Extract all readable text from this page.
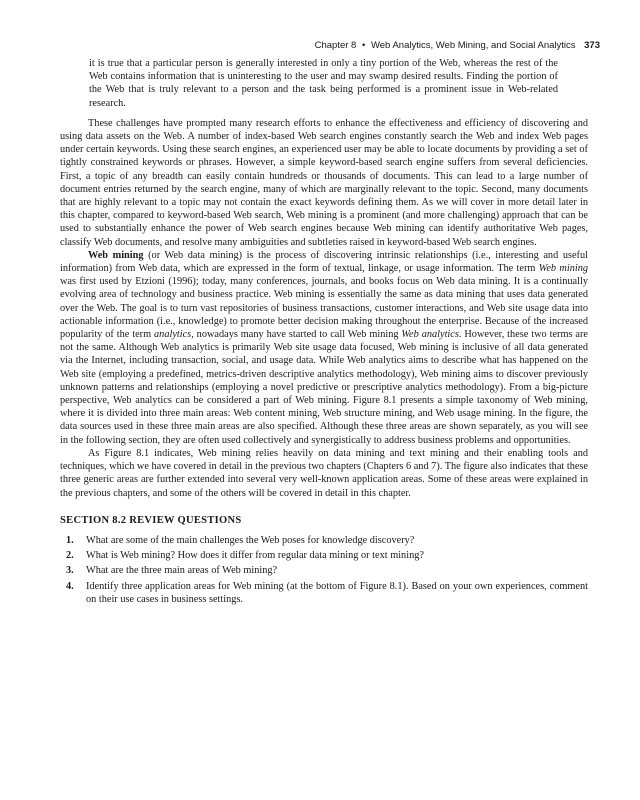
Chapter 8 • Web Analytics, Web Mining, and Social Analytics 373

it is true that a particular person is generally interested in only a tiny portion of the Web, whereas the rest of the Web contains information that is uninteresting to the user and may swamp desired results. Finding the portion of the Web that is truly relevant to a person and the task being performed is a prominent issue in Web-related research.

These challenges have prompted many research efforts to enhance the effectiveness and efficiency of discovering and using data assets on the Web. A number of index-based Web search engines constantly search the Web and index Web pages under certain keywords. Using these search engines, an experienced user may be able to locate documents by providing a set of tightly constrained keywords or phrases. However, a simple keyword-based search engine suffers from several deficiencies. First, a topic of any breadth can easily contain hundreds or thousands of documents. This can lead to a large number of document entries returned by the search engine, many of which are marginally relevant to the topic. Second, many documents that are highly relevant to a topic may not contain the exact keywords defining them. As we will cover in more detail later in this chapter, compared to keyword-based Web search, Web mining is a prominent (and more challenging) approach that can be used to substantially enhance the power of Web search engines because Web mining can identify authoritative Web pages, classify Web documents, and resolve many ambiguities and subtleties raised in keyword-based Web search engines.

Web mining (or Web data mining) is the process of discovering intrinsic relationships (i.e., interesting and useful information) from Web data, which are expressed in the form of textual, linkage, or usage information. The term Web mining was first used by Etzioni (1996); today, many conferences, journals, and books focus on Web data mining. It is a continually evolving area of technology and business practice. Web mining is essentially the same as data mining that uses data generated over the Web. The goal is to turn vast repositories of business transactions, customer interactions, and Web site usage data into actionable information (i.e., knowledge) to promote better decision making throughout the enterprise. Because of the increased popularity of the term analytics, nowadays many have started to call Web mining Web analytics. However, these two terms are not the same. Although Web analytics is primarily Web site usage data focused, Web mining is inclusive of all data generated via the Internet, including transaction, social, and usage data. While Web analytics aims to describe what has happened on the Web site (employing a predefined, metrics-driven descriptive analytics methodology), Web mining aims to discover previously unknown patterns and relationships (employing a novel predictive or prescriptive analytics methodology). From a big-picture perspective, Web analytics can be considered a part of Web mining. Figure 8.1 presents a simple taxonomy of Web mining, where it is divided into three main areas: Web content mining, Web structure mining, and Web usage mining. In the figure, the data sources used in these three main areas are also specified. Although these three areas are shown separately, as you will see in the following section, they are often used collectively and synergistically to address business problems and opportunities.

As Figure 8.1 indicates, Web mining relies heavily on data mining and text mining and their enabling tools and techniques, which we have covered in detail in the previous two chapters (Chapters 6 and 7). The figure also indicates that these three generic areas are further extended into several very well-known application areas. Some of these areas were explained in the previous chapters, and some of the others will be covered in detail in this chapter.

SECTION 8.2 REVIEW QUESTIONS
1. What are some of the main challenges the Web poses for knowledge discovery?
2. What is Web mining? How does it differ from regular data mining or text mining?
3. What are the three main areas of Web mining?
4. Identify three application areas for Web mining (at the bottom of Figure 8.1). Based on your own experiences, comment on their use cases in business settings.
